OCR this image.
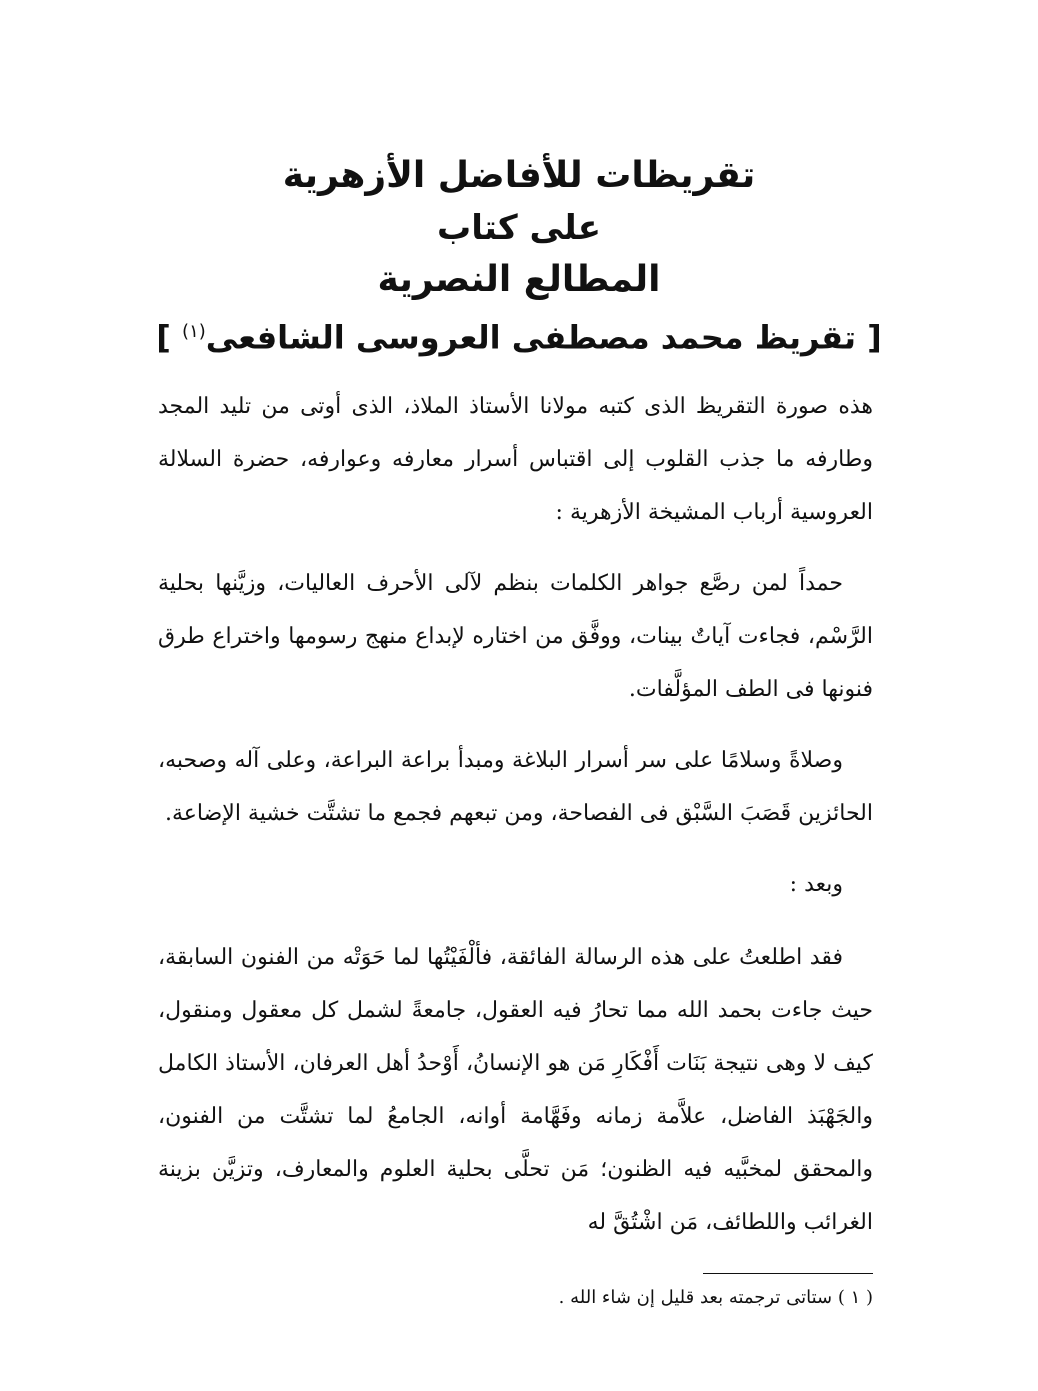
تقريظات للأفاضل الأزهرية
على كتاب
المطالع النصرية
[ تقريظ محمد مصطفى العروسى الشافعى$^{(١)}$ ]

هذه صورة التقريظ الذى كتبه مولانا الأستاذ الملاذ، الذى أوتى من تليد المجد وطارفه ما جذب القلوب إلى اقتباس أسرار معارفه وعوارفه، حضرة السلالة العروسية أرباب المشيخة الأزهرية :

حمداً لمن رصَّع جواهر الكلمات بنظم لآلى الأحرف العاليات، وزيَّنها بحلية الرَّسْم، فجاءت آياتٌ بينات، ووفَّق من اختاره لإبداع منهج رسومها واختراع طرق فنونها فى الطف المؤلَّفات.

وصلاةً وسلامًا على سر أسرار البلاغة ومبدأ براعة البراعة، وعلى آله وصحبه، الحائزين قَصَبَ السَّبْق فى الفصاحة، ومن تبعهم فجمع ما تشتَّت خشية الإضاعة.

وبعد :

فقد اطلعتُ على هذه الرسالة الفائقة، فألْفَيْتُها لما حَوَتْه من الفنون السابقة، حيث جاءت بحمد الله مما تحارُ فيه العقول، جامعةً لشمل كل معقول ومنقول، كيف لا وهى نتيجة بَنَات أَفْكَارِ مَن هو الإنسانُ، أَوْحدُ أهل العرفان، الأستاذ الكامل والجَهْبَذ الفاضل، علاَّمة زمانه وفَهَّامة أوانه، الجامعُ لما تشتَّت من الفنون، والمحقق لمخبَّيه فيه الظنون؛ مَن تحلَّى بحلية العلوم والمعارف، وتزيَّن بزينة الغرائب واللطائف، مَن اشْتُقَّ له

( ١ ) ستاتى ترجمته بعد قليل إن شاء الله .
